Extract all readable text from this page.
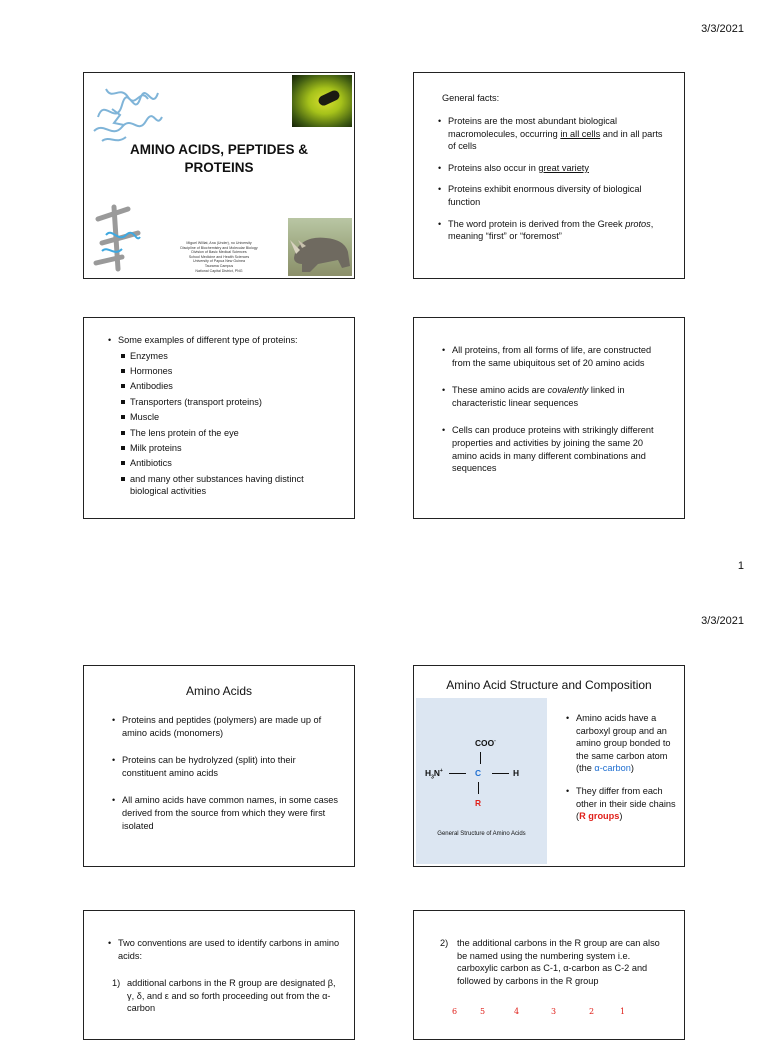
3/3/2021
AMINO ACIDS, PEPTIDES &
PROTEINS
Miguel Williat, Ana (Under), no University
Discipline of Biochemistry and Molecular Biology
Division of Basic Medical Sciences
School Medicine and Health Sciences
University of Papua New Guinea
Taurama Campus
National Capital District, PNG
General facts:
• Proteins are the most abundant biological macromolecules, occurring in all cells and in all parts of cells
• Proteins also occur in great variety
• Proteins exhibit enormous diversity of biological function
• The word protein is derived from the Greek protos, meaning “first” or “foremost”
• Some examples of different type of proteins:
Enzymes
Hormones
Antibodies
Transporters (transport proteins)
Muscle
The lens protein of the eye
Milk proteins
Antibiotics
and many other substances having distinct biological activities
• All proteins, from all forms of life, are constructed from the same ubiquitous set of 20 amino acids
• These amino acids are covalently linked in characteristic linear sequences
• Cells can produce proteins with strikingly different properties and activities by joining the same 20 amino acids in many different combinations and sequences
1
3/3/2021
Amino Acids
• Proteins and peptides (polymers) are made up of amino acids (monomers)
• Proteins can be hydrolyzed (split) into their constituent amino acids
• All amino acids have common names, in some cases derived from the source from which they were first isolated
Amino Acid Structure and Composition
COO-
$H_3N^+$	C	H
R
General Structure of Amino Acids
• Amino acids have a carboxyl group and an amino group bonded to the same carbon atom (the α-carbon)
• They differ from each other in their side chains (R groups)
• Two conventions are used to identify carbons in amino acids:
1) additional carbons in the R group are designated β, γ, δ, and ε and so forth proceeding out from the α-carbon
2) the additional carbons in the R group are can also be named using the numbering system i.e. carboxylic carbon as C-1, α-carbon as C-2 and followed by carbons in the R group
6	5	4	3	2	1
